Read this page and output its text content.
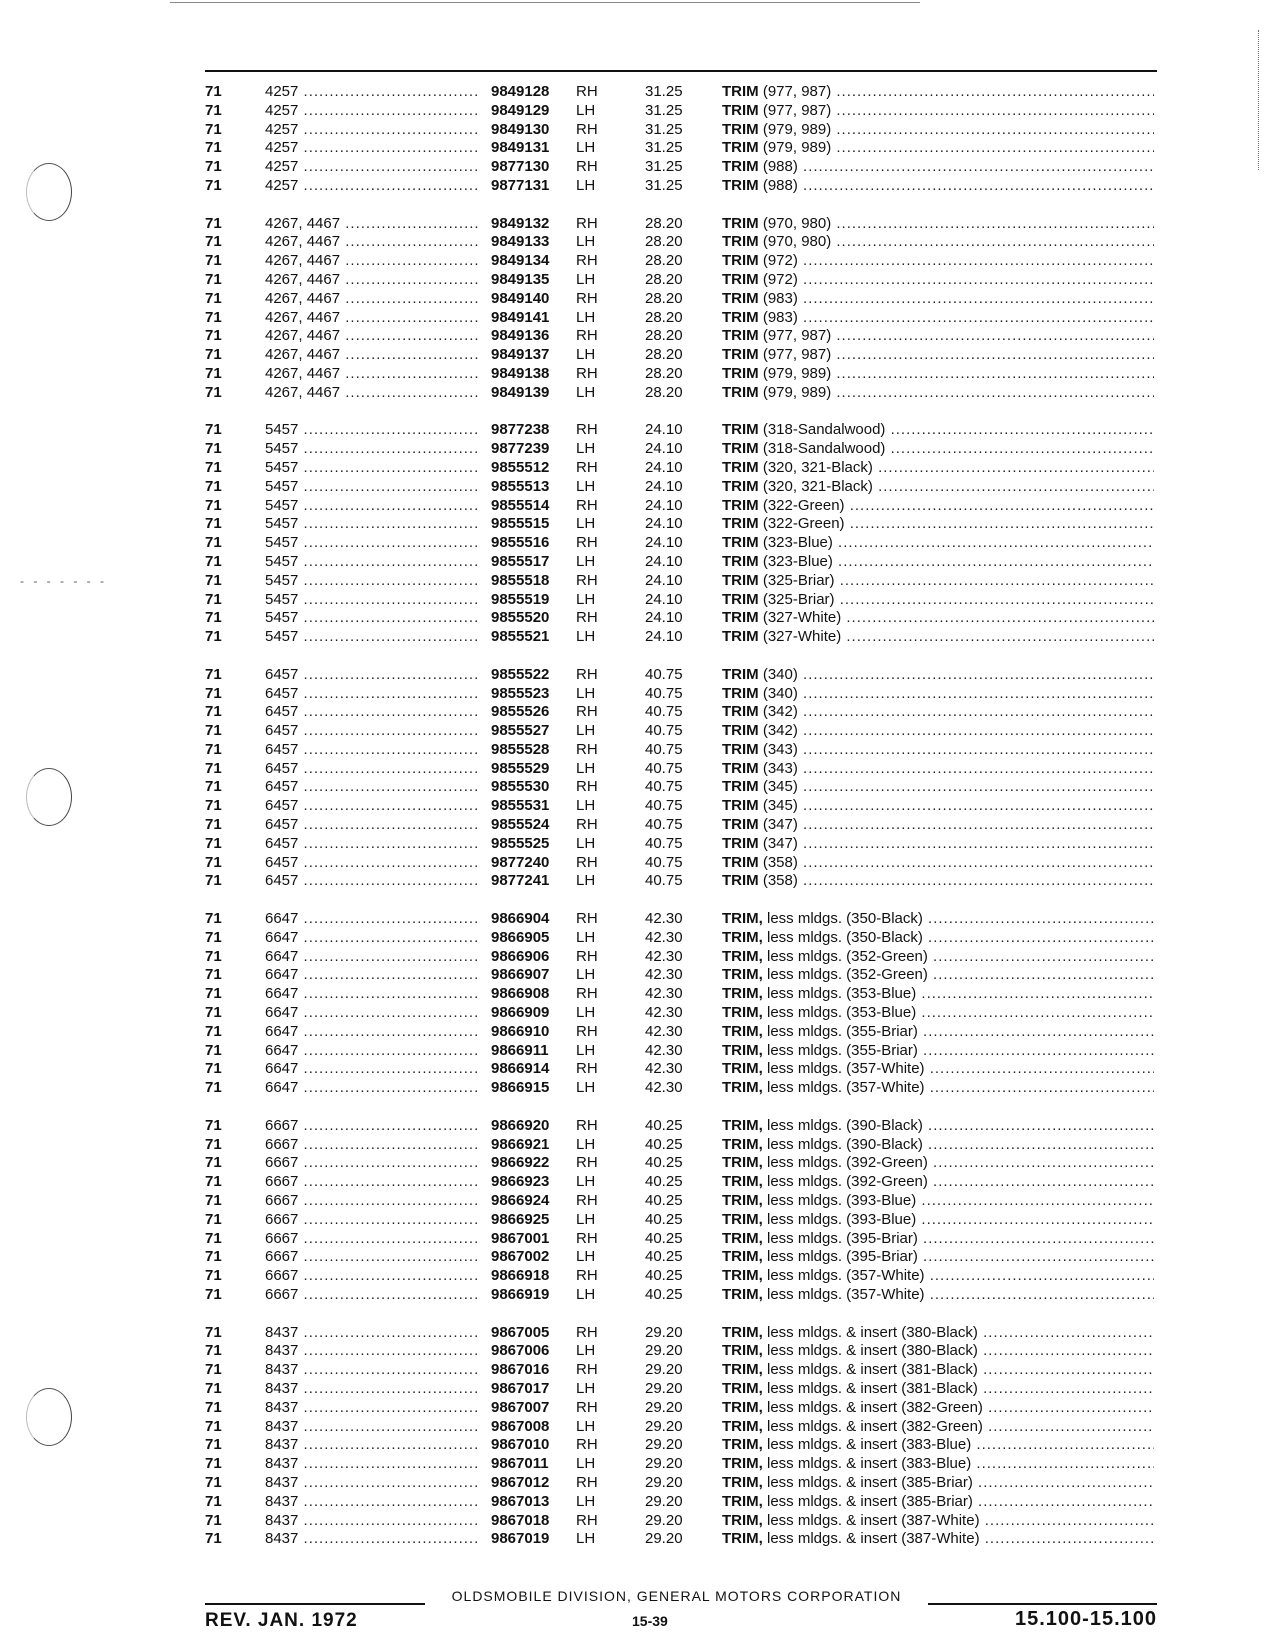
- - - - - - -
71	4257 .....	9849128	RH	31.25	TRIM (977, 987) .....
71	4257 .....	9849129	LH	31.25	TRIM (977, 987) .....
71	4257 .....	9849130	RH	31.25	TRIM (979, 989) .....
71	4257 .....	9849131	LH	31.25	TRIM (979, 989) .....
71	4257 .....	9877130	RH	31.25	TRIM (988) .....
71	4257 .....	9877131	LH	31.25	TRIM (988) .....
71	4267, 4467 .....	9849132	RH	28.20	TRIM (970, 980) .....
71	4267, 4467 .....	9849133	LH	28.20	TRIM (970, 980) .....
71	4267, 4467 .....	9849134	RH	28.20	TRIM (972) .....
71	4267, 4467 .....	9849135	LH	28.20	TRIM (972) .....
71	4267, 4467 .....	9849140	RH	28.20	TRIM (983) .....
71	4267, 4467 .....	9849141	LH	28.20	TRIM (983) .....
71	4267, 4467 .....	9849136	RH	28.20	TRIM (977, 987) .....
71	4267, 4467 .....	9849137	LH	28.20	TRIM (977, 987) .....
71	4267, 4467 .....	9849138	RH	28.20	TRIM (979, 989) .....
71	4267, 4467 .....	9849139	LH	28.20	TRIM (979, 989) .....
71	5457 .....	9877238	RH	24.10	TRIM (318-Sandalwood) .....
71	5457 .....	9877239	LH	24.10	TRIM (318-Sandalwood) .....
71	5457 .....	9855512	RH	24.10	TRIM (320, 321-Black) .....
71	5457 .....	9855513	LH	24.10	TRIM (320, 321-Black) .....
71	5457 .....	9855514	RH	24.10	TRIM (322-Green) .....
71	5457 .....	9855515	LH	24.10	TRIM (322-Green) .....
71	5457 .....	9855516	RH	24.10	TRIM (323-Blue) .....
71	5457 .....	9855517	LH	24.10	TRIM (323-Blue) .....
71	5457 .....	9855518	RH	24.10	TRIM (325-Briar) .....
71	5457 .....	9855519	LH	24.10	TRIM (325-Briar) .....
71	5457 .....	9855520	RH	24.10	TRIM (327-White) .....
71	5457 .....	9855521	LH	24.10	TRIM (327-White) .....
71	6457 .....	9855522	RH	40.75	TRIM (340) .....
71	6457 .....	9855523	LH	40.75	TRIM (340) .....
71	6457 .....	9855526	RH	40.75	TRIM (342) .....
71	6457 .....	9855527	LH	40.75	TRIM (342) .....
71	6457 .....	9855528	RH	40.75	TRIM (343) .....
71	6457 .....	9855529	LH	40.75	TRIM (343) .....
71	6457 .....	9855530	RH	40.75	TRIM (345) .....
71	6457 .....	9855531	LH	40.75	TRIM (345) .....
71	6457 .....	9855524	RH	40.75	TRIM (347) .....
71	6457 .....	9855525	LH	40.75	TRIM (347) .....
71	6457 .....	9877240	RH	40.75	TRIM (358) .....
71	6457 .....	9877241	LH	40.75	TRIM (358) .....
71	6647 .....	9866904	RH	42.30	TRIM, less mldgs. (350-Black) .....
71	6647 .....	9866905	LH	42.30	TRIM, less mldgs. (350-Black) .....
71	6647 .....	9866906	RH	42.30	TRIM, less mldgs. (352-Green) .....
71	6647 .....	9866907	LH	42.30	TRIM, less mldgs. (352-Green) .....
71	6647 .....	9866908	RH	42.30	TRIM, less mldgs. (353-Blue) .....
71	6647 .....	9866909	LH	42.30	TRIM, less mldgs. (353-Blue) .....
71	6647 .....	9866910	RH	42.30	TRIM, less mldgs. (355-Briar) .....
71	6647 .....	9866911	LH	42.30	TRIM, less mldgs. (355-Briar) .....
71	6647 .....	9866914	RH	42.30	TRIM, less mldgs. (357-White) .....
71	6647 .....	9866915	LH	42.30	TRIM, less mldgs. (357-White) .....
71	6667 .....	9866920	RH	40.25	TRIM, less mldgs. (390-Black) .....
71	6667 .....	9866921	LH	40.25	TRIM, less mldgs. (390-Black) .....
71	6667 .....	9866922	RH	40.25	TRIM, less mldgs. (392-Green) .....
71	6667 .....	9866923	LH	40.25	TRIM, less mldgs. (392-Green) .....
71	6667 .....	9866924	RH	40.25	TRIM, less mldgs. (393-Blue) .....
71	6667 .....	9866925	LH	40.25	TRIM, less mldgs. (393-Blue) .....
71	6667 .....	9867001	RH	40.25	TRIM, less mldgs. (395-Briar) .....
71	6667 .....	9867002	LH	40.25	TRIM, less mldgs. (395-Briar) .....
71	6667 .....	9866918	RH	40.25	TRIM, less mldgs. (357-White) .....
71	6667 .....	9866919	LH	40.25	TRIM, less mldgs. (357-White) .....
71	8437 .....	9867005	RH	29.20	TRIM, less mldgs. & insert (380-Black) .....
71	8437 .....	9867006	LH	29.20	TRIM, less mldgs. & insert (380-Black) .....
71	8437 .....	9867016	RH	29.20	TRIM, less mldgs. & insert (381-Black) .....
71	8437 .....	9867017	LH	29.20	TRIM, less mldgs. & insert (381-Black) .....
71	8437 .....	9867007	RH	29.20	TRIM, less mldgs. & insert (382-Green) .....
71	8437 .....	9867008	LH	29.20	TRIM, less mldgs. & insert (382-Green) .....
71	8437 .....	9867010	RH	29.20	TRIM, less mldgs. & insert (383-Blue) .....
71	8437 .....	9867011	LH	29.20	TRIM, less mldgs. & insert (383-Blue) .....
71	8437 .....	9867012	RH	29.20	TRIM, less mldgs. & insert (385-Briar) .....
71	8437 .....	9867013	LH	29.20	TRIM, less mldgs. & insert (385-Briar) .....
71	8437 .....	9867018	RH	29.20	TRIM, less mldgs. & insert (387-White) .....
71	8437 .....	9867019	LH	29.20	TRIM, less mldgs. & insert (387-White) .....
OLDSMOBILE DIVISION, GENERAL MOTORS CORPORATION
REV. JAN. 1972	15-39	15.100-15.100
